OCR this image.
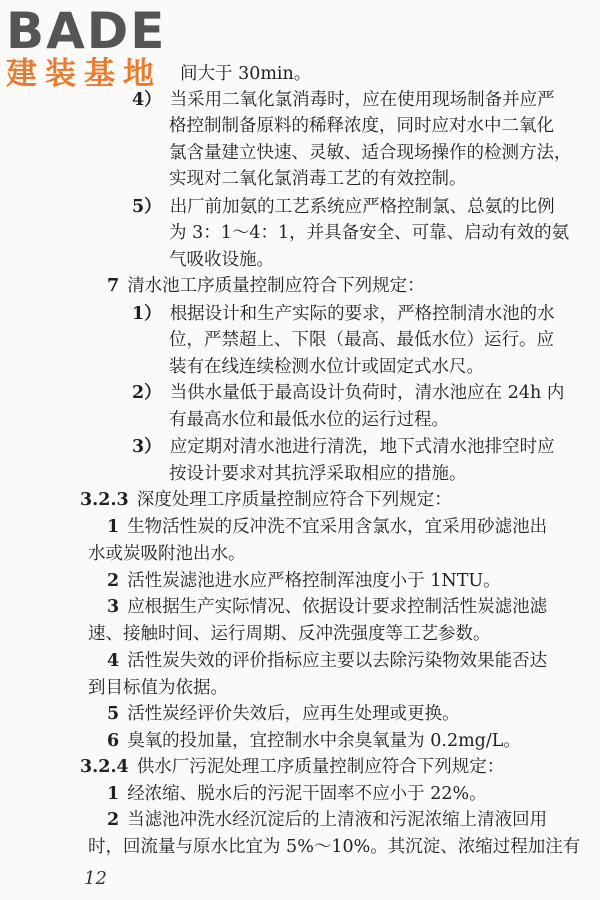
BADE
建装基地	间大于 30min。
4） 当采用二氧化氯消毒时，应在使用现场制备并应严
格控制制备原料的稀释浓度，同时应对水中二氧化
氯含量建立快速、灵敏、适合现场操作的检测方法，
实现对二氧化氯消毒工艺的有效控制。
5） 出厂前加氨的工艺系统应严格控制氯、总氨的比例
为 3：1～4：1，并具备安全、可靠、启动有效的氨
气吸收设施。
7 清水池工序质量控制应符合下列规定：
1） 根据设计和生产实际的要求，严格控制清水池的水
位，严禁超上、下限（最高、最低水位）运行。应
装有在线连续检测水位计或固定式水尺。
2） 当供水量低于最高设计负荷时，清水池应在 24h 内
有最高水位和最低水位的运行过程。
3） 应定期对清水池进行清洗，地下式清水池排空时应
按设计要求对其抗浮采取相应的措施。
3.2.3 深度处理工序质量控制应符合下列规定：
1 生物活性炭的反冲洗不宜采用含氯水，宜采用砂滤池出
水或炭吸附池出水。
2 活性炭滤池进水应严格控制浑浊度小于 1NTU。
3 应根据生产实际情况、依据设计要求控制活性炭滤池滤
速、接触时间、运行周期、反冲洗强度等工艺参数。
4 活性炭失效的评价指标应主要以去除污染物效果能否达
到目标值为依据。
5 活性炭经评价失效后，应再生处理或更换。
6 臭氧的投加量，宜控制水中余臭氧量为 0.2mg/L。
3.2.4 供水厂污泥处理工序质量控制应符合下列规定：
1 经浓缩、脱水后的污泥干固率不应小于 22%。
2 当滤池冲洗水经沉淀后的上清液和污泥浓缩上清液回用
时，回流量与原水比宜为 5%～10%。其沉淀、浓缩过程加注有
12
